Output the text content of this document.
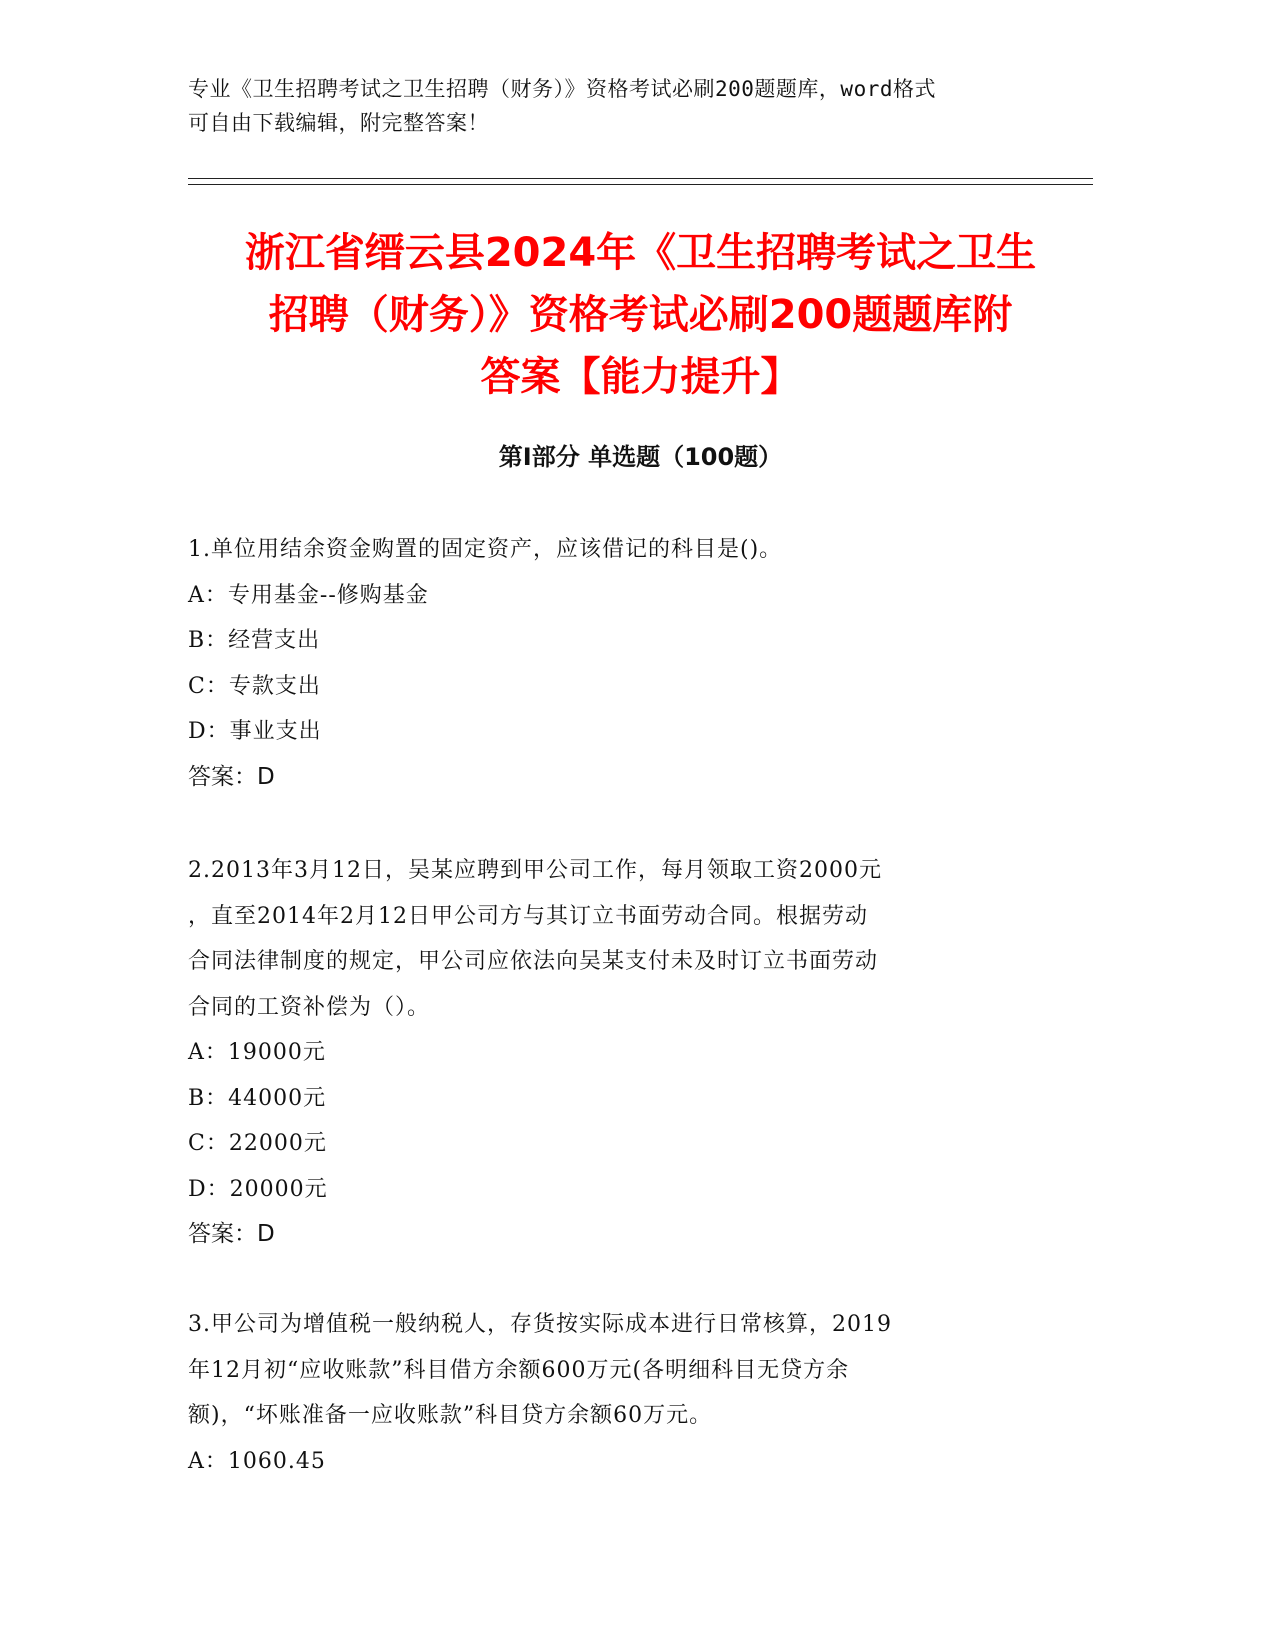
专业《卫生招聘考试之卫生招聘（财务）》资格考试必刷200题题库，word格式
可自由下载编辑，附完整答案！
浙江省缙云县2024年《卫生招聘考试之卫生
招聘（财务）》资格考试必刷200题题库附
答案【能力提升】
第Ⅰ部分 单选题（100题）
1.单位用结余资金购置的固定资产，应该借记的科目是()。
A：专用基金--修购基金
B：经营支出
C：专款支出
D：事业支出
答案：D
2.2013年3月12日，吴某应聘到甲公司工作，每月领取工资2000元
，直至2014年2月12日甲公司方与其订立书面劳动合同。根据劳动
合同法律制度的规定，甲公司应依法向吴某支付未及时订立书面劳动
合同的工资补偿为（）。
A：19000元
B：44000元
C：22000元
D：20000元
答案：D
3.甲公司为增值税一般纳税人，存货按实际成本进行日常核算，2019
年12月初“应收账款”科目借方余额600万元(各明细科目无贷方余
额)，“坏账准备一应收账款”科目贷方余额60万元。
A：1060.45
